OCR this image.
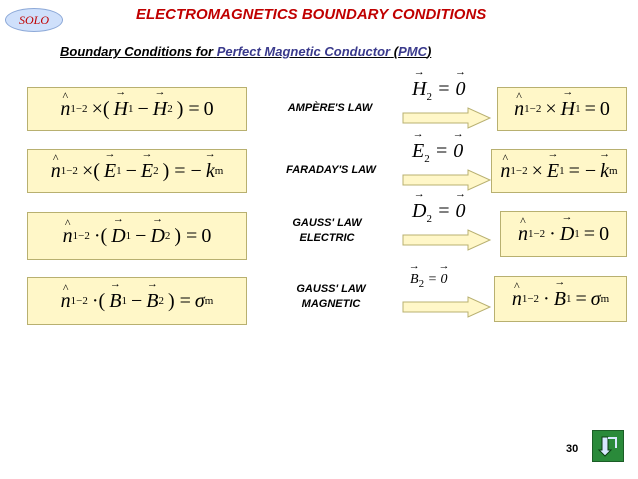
SOLO	ELECTROMAGNETICS BOUNDARY CONDITIONS
Boundary Conditions for Perfect Magnetic Conductor (PMC)
^ n 1−2 ×( → H 1 − → H 2 ) = 0	AMPÈRE'S LAW
→ $H_2$ = → 0
^ n 1−2 × → H 1 = 0
^ n 1−2 ×( → E 1 − → E 2 ) = − → k m	FARADAY'S LAW
→ $E_2$ = → 0
^ n 1−2 × → E 1 = − → k m
^ n 1−2 ·( → D 1 − → D 2 ) = 0
GAUSS' LAW
ELECTRIC
→ $D_2$ = → 0
^ n 1−2 · → D 1 = 0
^ n 1−2 ·( → B 1 − → B 2 ) = σ m
GAUSS' LAW
MAGNETIC
→ $B_2$ = → 0
^ n 1−2 · → B 1 = σ m
30
